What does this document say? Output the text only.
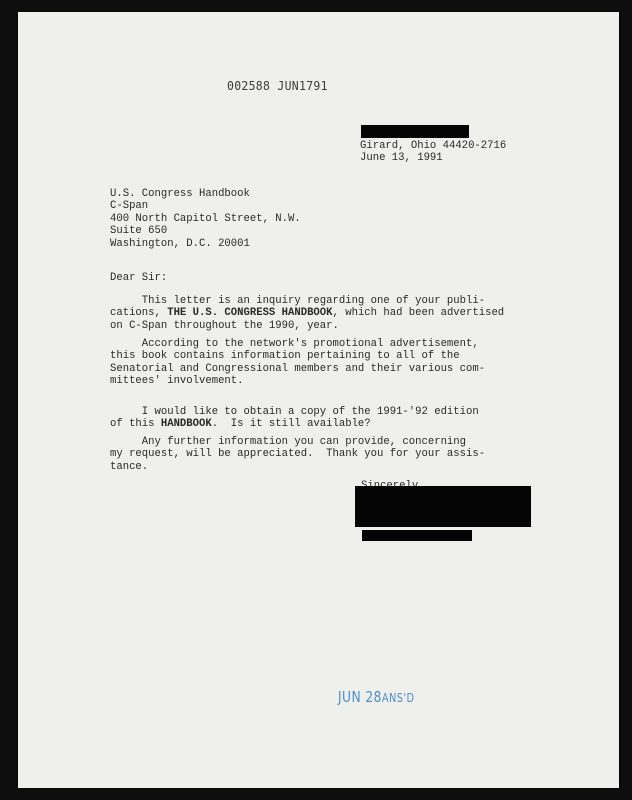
002588 JUN1791
Girard, Ohio 44420-2716
June 13, 1991
U.S. Congress Handbook
C-Span
400 North Capitol Street, N.W.
Suite 650
Washington, D.C. 20001
Dear Sir:
This letter is an inquiry regarding one of your publi-
cations, THE U.S. CONGRESS HANDBOOK, which had been advertised
on C-Span throughout the 1990, year.
According to the network's promotional advertisement,
this book contains information pertaining to all of the
Senatorial and Congressional members and their various com-
mittees' involvement.
I would like to obtain a copy of the 1991-'92 edition
of this HANDBOOK.  Is it still available?
Any further information you can provide, concerning
my request, will be appreciated.  Thank you for your assis-
tance.
JUN 28ANS'D
